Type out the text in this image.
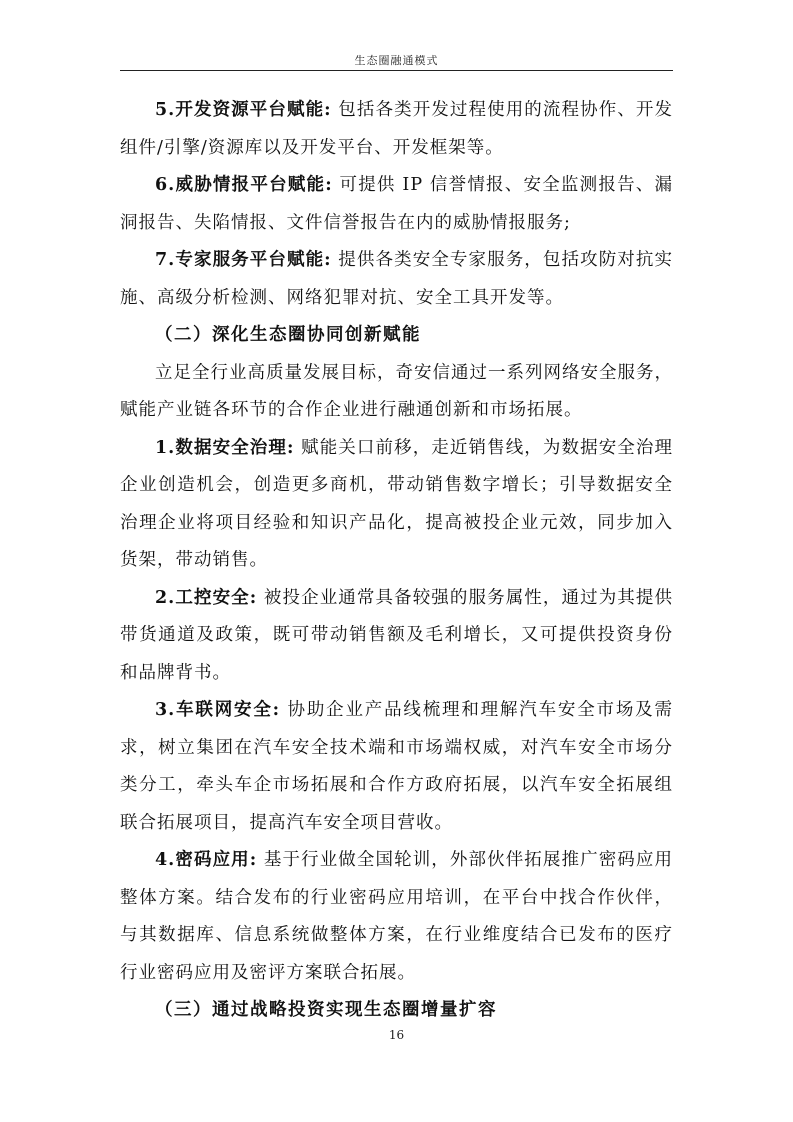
生态圈融通模式

5.开发资源平台赋能: 包括各类开发过程使用的流程协作、开发组件/引擎/资源库以及开发平台、开发框架等。

6.威胁情报平台赋能: 可提供 IP 信誉情报、安全监测报告、漏洞报告、失陷情报、文件信誉报告在内的威胁情报服务;

7.专家服务平台赋能: 提供各类安全专家服务，包括攻防对抗实施、高级分析检测、网络犯罪对抗、安全工具开发等。

（二）深化生态圈协同创新赋能

立足全行业高质量发展目标，奇安信通过一系列网络安全服务，赋能产业链各环节的合作企业进行融通创新和市场拓展。

1.数据安全治理: 赋能关口前移，走近销售线，为数据安全治理企业创造机会，创造更多商机，带动销售数字增长；引导数据安全治理企业将项目经验和知识产品化，提高被投企业元效，同步加入货架，带动销售。

2.工控安全: 被投企业通常具备较强的服务属性，通过为其提供带货通道及政策，既可带动销售额及毛利增长，又可提供投资身份和品牌背书。

3.车联网安全: 协助企业产品线梳理和理解汽车安全市场及需求，树立集团在汽车安全技术端和市场端权威，对汽车安全市场分类分工，牵头车企市场拓展和合作方政府拓展，以汽车安全拓展组联合拓展项目，提高汽车安全项目营收。

4.密码应用: 基于行业做全国轮训，外部伙伴拓展推广密码应用整体方案。结合发布的行业密码应用培训，在平台中找合作伙伴，与其数据库、信息系统做整体方案，在行业维度结合已发布的医疗行业密码应用及密评方案联合拓展。

（三）通过战略投资实现生态圈增量扩容

16
